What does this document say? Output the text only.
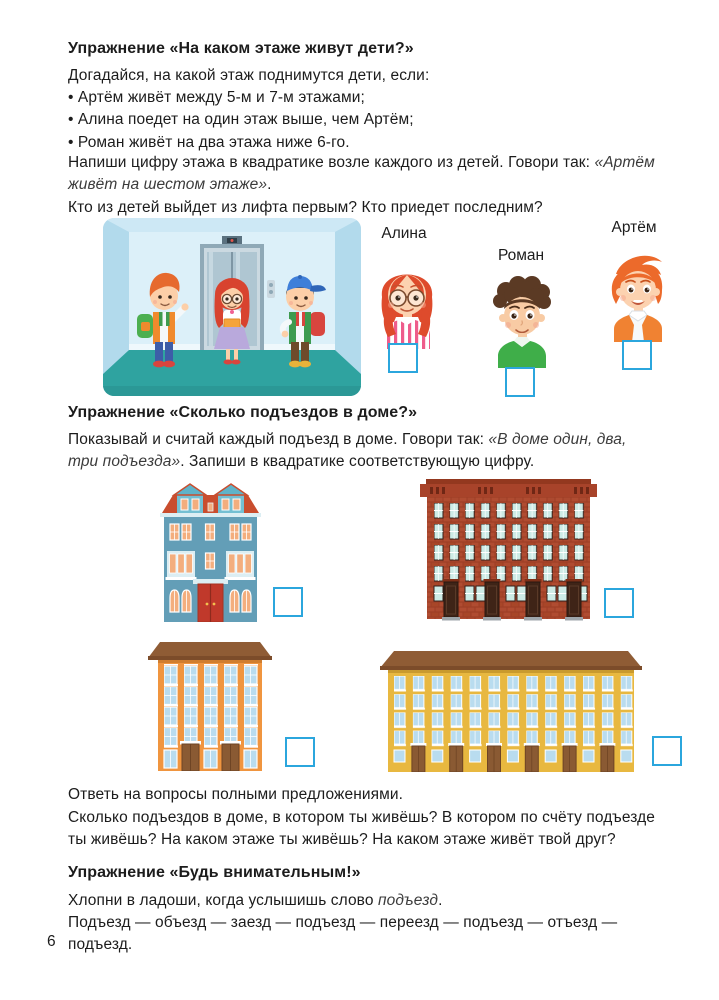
Упражнение «На каком этаже живут дети?»
Догадайся, на какой этаж поднимутся дети, если:
• Артём живёт между 5-м и 7-м этажами;
• Алина поедет на один этаж выше, чем Артём;
• Роман живёт на два этажа ниже 6-го.

Напиши цифру этажа в квадратике возле каждого из детей. Говори так: «Артём живёт на шестом этаже».

Кто из детей выйдет из лифта первым? Кто приедет последним?
Алина
Роман
Артём
Упражнение «Сколько подъездов в доме?»

Показывай и считай каждый подъезд в доме. Говори так: «В доме один, два, три подъезда». Запиши в квадратике соответствующую цифру.

Ответь на вопросы полными предложениями.
Сколько подъездов в доме, в котором ты живёшь? В котором по счёту подъезде ты живёшь? На каком этаже ты живёшь? На каком этаже живёт твой друг?
Упражнение «Будь внимательным!»

Хлопни в ладоши, когда услышишь слово подъезд.

Подъезд — объезд — заезд — подъезд — переезд — подъезд — отъезд — подъезд.
6
